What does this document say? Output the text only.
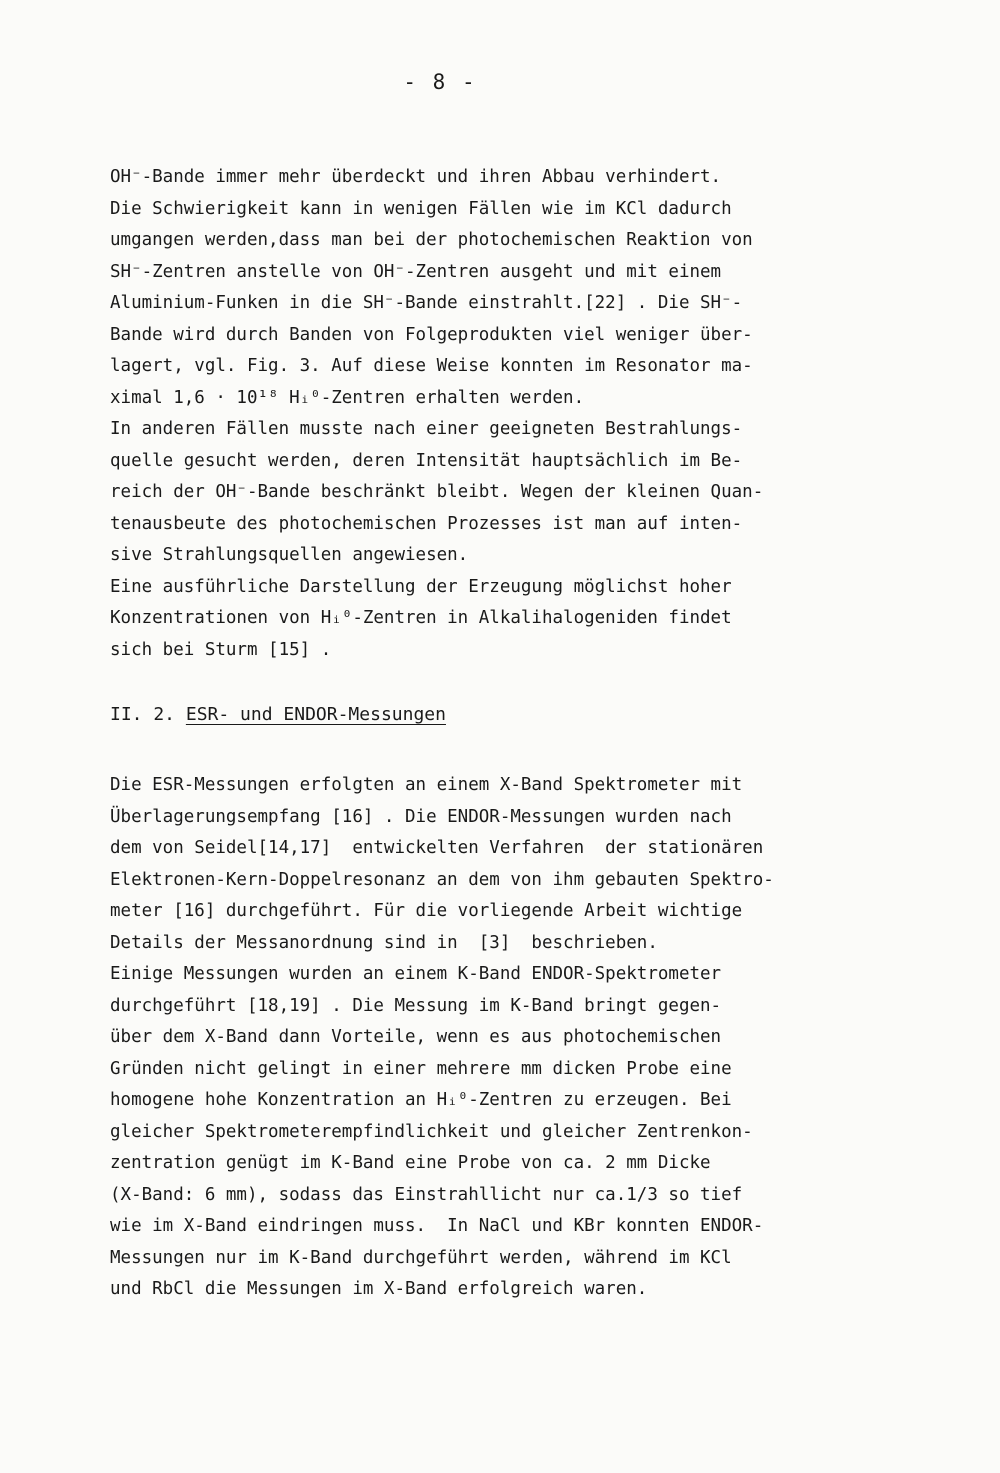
- 8 -
OH⁻-Bande immer mehr überdeckt und ihren Abbau verhindert.
Die Schwierigkeit kann in wenigen Fällen wie im KCl dadurch
umgangen werden,dass man bei der photochemischen Reaktion von
SH⁻-Zentren anstelle von OH⁻-Zentren ausgeht und mit einem
Aluminium-Funken in die SH⁻-Bande einstrahlt.[22] . Die SH⁻-
Bande wird durch Banden von Folgeprodukten viel weniger über-
lagert, vgl. Fig. 3. Auf diese Weise konnten im Resonator ma-
ximal 1,6 · 10¹⁸ Hᵢ⁰-Zentren erhalten werden.
In anderen Fällen musste nach einer geeigneten Bestrahlungs-
quelle gesucht werden, deren Intensität hauptsächlich im Be-
reich der OH⁻-Bande beschränkt bleibt. Wegen der kleinen Quan-
tenausbeute des photochemischen Prozesses ist man auf inten-
sive Strahlungsquellen angewiesen.
Eine ausführliche Darstellung der Erzeugung möglichst hoher
Konzentrationen von Hᵢ⁰-Zentren in Alkalihalogeniden findet
sich bei Sturm [15] .
II. 2. ESR- und ENDOR-Messungen
Die ESR-Messungen erfolgten an einem X-Band Spektrometer mit
Überlagerungsempfang [16] . Die ENDOR-Messungen wurden nach
dem von Seidel[14,17]  entwickelten Verfahren  der stationären
Elektronen-Kern-Doppelresonanz an dem von ihm gebauten Spektro-
meter [16] durchgeführt. Für die vorliegende Arbeit wichtige
Details der Messanordnung sind in  [3]  beschrieben.
Einige Messungen wurden an einem K-Band ENDOR-Spektrometer
durchgeführt [18,19] . Die Messung im K-Band bringt gegen-
über dem X-Band dann Vorteile, wenn es aus photochemischen
Gründen nicht gelingt in einer mehrere mm dicken Probe eine
homogene hohe Konzentration an Hᵢ⁰-Zentren zu erzeugen. Bei
gleicher Spektrometerempfindlichkeit und gleicher Zentrenkon-
zentration genügt im K-Band eine Probe von ca. 2 mm Dicke
(X-Band: 6 mm), sodass das Einstrahllicht nur ca.1/3 so tief
wie im X-Band eindringen muss.  In NaCl und KBr konnten ENDOR-
Messungen nur im K-Band durchgeführt werden, während im KCl
und RbCl die Messungen im X-Band erfolgreich waren.
